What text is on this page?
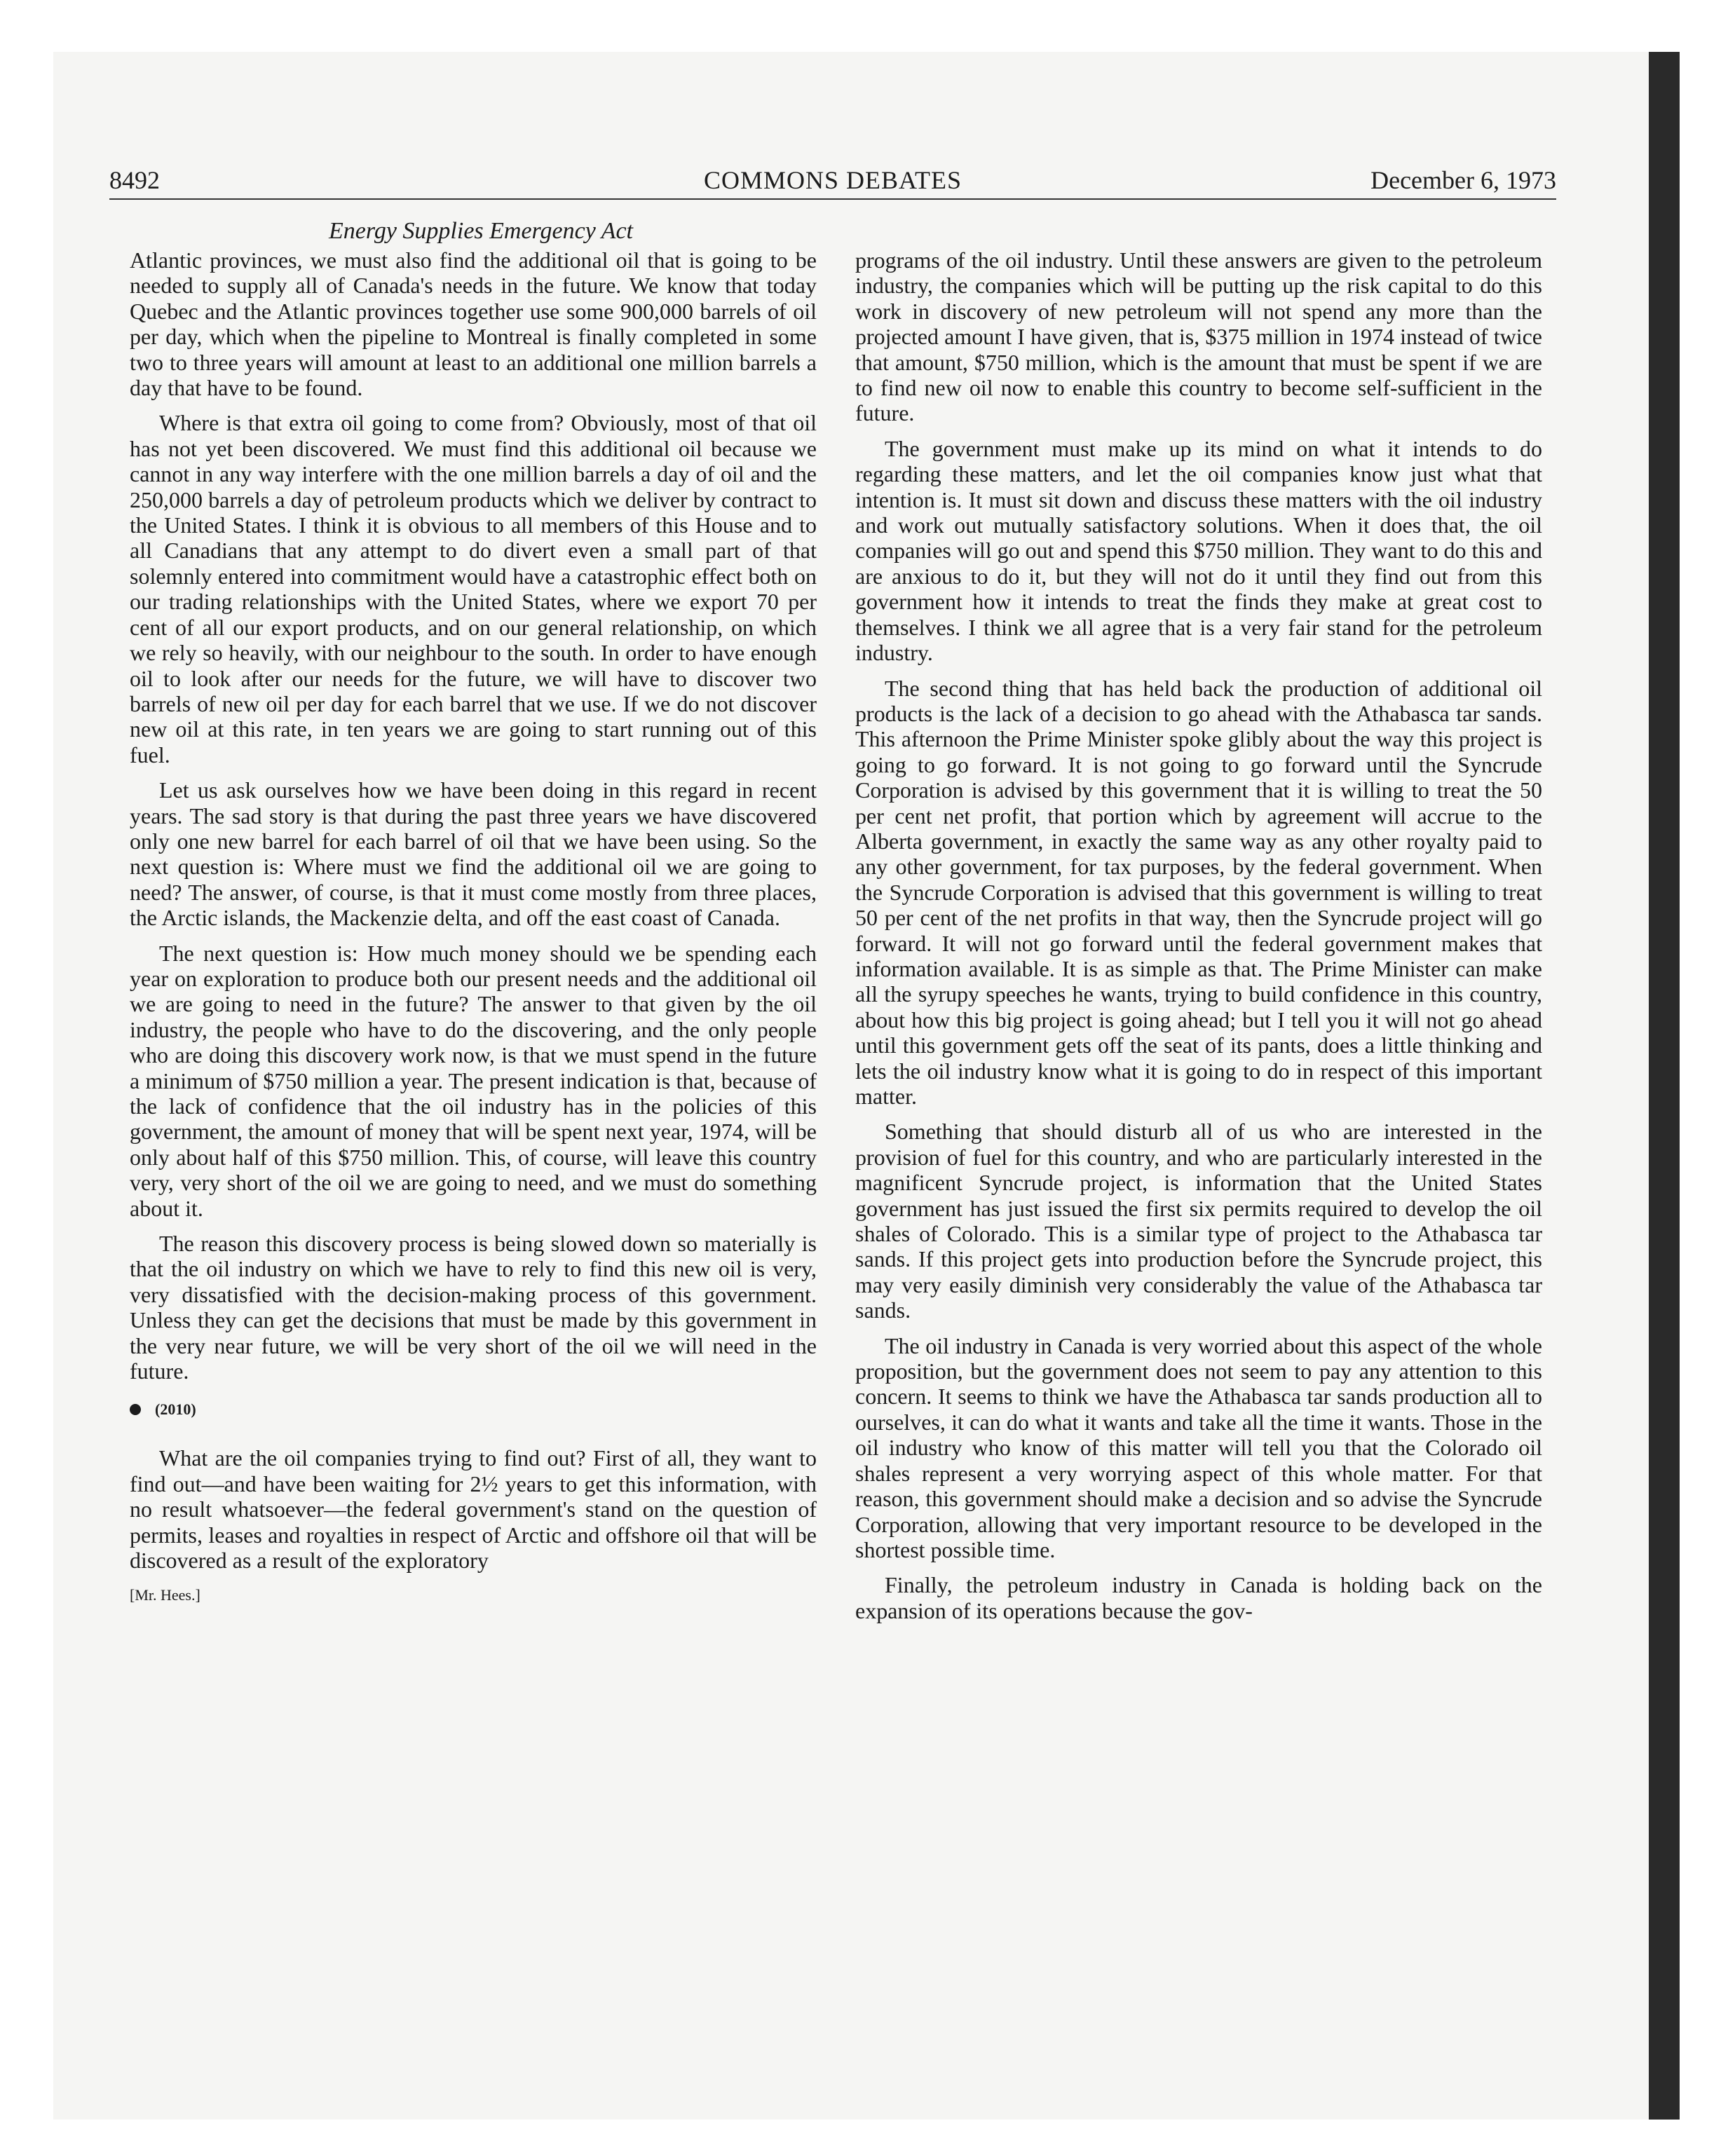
8492	COMMONS DEBATES	December 6, 1973
Energy Supplies Emergency Act

Atlantic provinces, we must also find the additional oil that is going to be needed to supply all of Canada's needs in the future. We know that today Quebec and the Atlantic provinces together use some 900,000 barrels of oil per day, which when the pipeline to Montreal is finally completed in some two to three years will amount at least to an additional one million barrels a day that have to be found.

Where is that extra oil going to come from? Obviously, most of that oil has not yet been discovered. We must find this additional oil because we cannot in any way interfere with the one million barrels a day of oil and the 250,000 barrels a day of petroleum products which we deliver by contract to the United States. I think it is obvious to all members of this House and to all Canadians that any attempt to do divert even a small part of that solemnly entered into commitment would have a catastrophic effect both on our trading relationships with the United States, where we export 70 per cent of all our export products, and on our general relationship, on which we rely so heavily, with our neighbour to the south. In order to have enough oil to look after our needs for the future, we will have to discover two barrels of new oil per day for each barrel that we use. If we do not discover new oil at this rate, in ten years we are going to start running out of this fuel.

Let us ask ourselves how we have been doing in this regard in recent years. The sad story is that during the past three years we have discovered only one new barrel for each barrel of oil that we have been using. So the next question is: Where must we find the additional oil we are going to need? The answer, of course, is that it must come mostly from three places, the Arctic islands, the Mackenzie delta, and off the east coast of Canada.

The next question is: How much money should we be spending each year on exploration to produce both our present needs and the additional oil we are going to need in the future? The answer to that given by the oil industry, the people who have to do the discovering, and the only people who are doing this discovery work now, is that we must spend in the future a minimum of $750 million a year. The present indication is that, because of the lack of confidence that the oil industry has in the policies of this government, the amount of money that will be spent next year, 1974, will be only about half of this $750 million. This, of course, will leave this country very, very short of the oil we are going to need, and we must do something about it.

The reason this discovery process is being slowed down so materially is that the oil industry on which we have to rely to find this new oil is very, very dissatisfied with the decision-making process of this government. Unless they can get the decisions that must be made by this government in the very near future, we will be very short of the oil we will need in the future.

(2010)

What are the oil companies trying to find out? First of all, they want to find out—and have been waiting for 2½ years to get this information, with no result whatsoever—the federal government's stand on the question of permits, leases and royalties in respect of Arctic and offshore oil that will be discovered as a result of the exploratory

[Mr. Hees.]

programs of the oil industry. Until these answers are given to the petroleum industry, the companies which will be putting up the risk capital to do this work in discovery of new petroleum will not spend any more than the projected amount I have given, that is, $375 million in 1974 instead of twice that amount, $750 million, which is the amount that must be spent if we are to find new oil now to enable this country to become self-sufficient in the future.

The government must make up its mind on what it intends to do regarding these matters, and let the oil companies know just what that intention is. It must sit down and discuss these matters with the oil industry and work out mutually satisfactory solutions. When it does that, the oil companies will go out and spend this $750 million. They want to do this and are anxious to do it, but they will not do it until they find out from this government how it intends to treat the finds they make at great cost to themselves. I think we all agree that is a very fair stand for the petroleum industry.

The second thing that has held back the production of additional oil products is the lack of a decision to go ahead with the Athabasca tar sands. This afternoon the Prime Minister spoke glibly about the way this project is going to go forward. It is not going to go forward until the Syncrude Corporation is advised by this government that it is willing to treat the 50 per cent net profit, that portion which by agreement will accrue to the Alberta government, in exactly the same way as any other royalty paid to any other government, for tax purposes, by the federal government. When the Syncrude Corporation is advised that this government is willing to treat 50 per cent of the net profits in that way, then the Syncrude project will go forward. It will not go forward until the federal government makes that information available. It is as simple as that. The Prime Minister can make all the syrupy speeches he wants, trying to build confidence in this country, about how this big project is going ahead; but I tell you it will not go ahead until this government gets off the seat of its pants, does a little thinking and lets the oil industry know what it is going to do in respect of this important matter.

Something that should disturb all of us who are interested in the provision of fuel for this country, and who are particularly interested in the magnificent Syncrude project, is information that the United States government has just issued the first six permits required to develop the oil shales of Colorado. This is a similar type of project to the Athabasca tar sands. If this project gets into production before the Syncrude project, this may very easily diminish very considerably the value of the Athabasca tar sands.

The oil industry in Canada is very worried about this aspect of the whole proposition, but the government does not seem to pay any attention to this concern. It seems to think we have the Athabasca tar sands production all to ourselves, it can do what it wants and take all the time it wants. Those in the oil industry who know of this matter will tell you that the Colorado oil shales represent a very worrying aspect of this whole matter. For that reason, this government should make a decision and so advise the Syncrude Corporation, allowing that very important resource to be developed in the shortest possible time.

Finally, the petroleum industry in Canada is holding back on the expansion of its operations because the gov-
